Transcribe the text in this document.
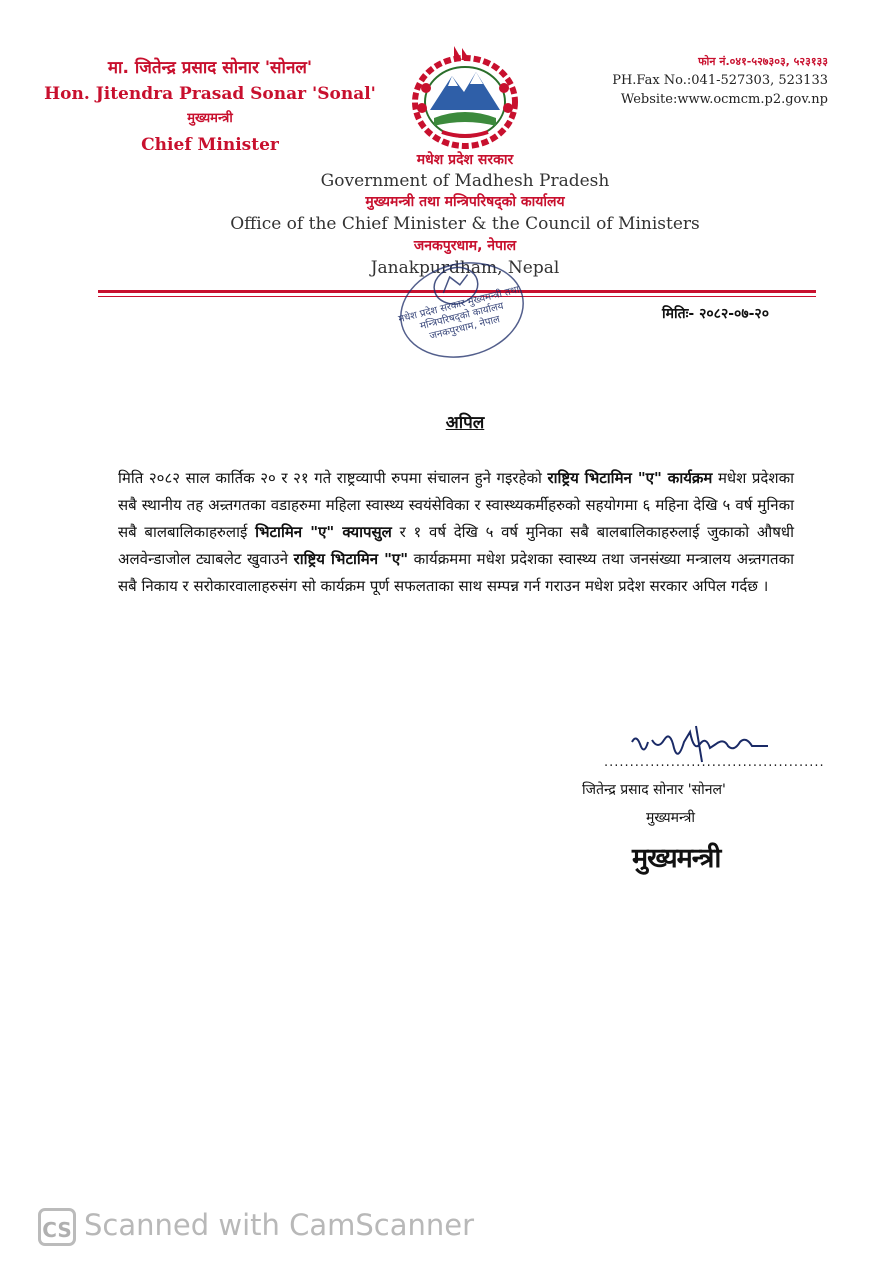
मा. जितेन्द्र प्रसाद सोनार 'सोनल'
Hon. Jitendra Prasad Sonar 'Sonal'
मुख्यमन्त्री
Chief Minister
फोन नं.०४१-५२७३०३, ५२३१३३
PH.Fax No.:041-527303, 523133
Website:www.ocmcm.p2.gov.np
मधेश प्रदेश सरकार
Government of Madhesh Pradesh
मुख्यमन्त्री तथा मन्त्रिपरिषद्को कार्यालय
Office of the Chief Minister & the Council of Ministers
जनकपुरधाम, नेपाल
Janakpurdham, Nepal
मधेश प्रदेश सरकार मुख्यमन्त्री तथा मन्त्रिपरिषद्को कार्यालय जनकपुरधाम, नेपाल
मितिः- २०८२-०७-२०
अपिल
मिति २०८२ साल कार्तिक २० र २१ गते राष्ट्रव्यापी रुपमा संचालन हुने गइरहेको राष्ट्रिय भिटामिन "ए" कार्यक्रम मधेश प्रदेशका सबै स्थानीय तह अन्र्तगतका वडाहरुमा महिला स्वास्थ्य स्वयंसेविका र स्वास्थ्यकर्मीहरुको सहयोगमा ६ महिना देखि ५ वर्ष मुनिका सबै बालबालिकाहरुलाई भिटामिन "ए" क्यापसुल र १ वर्ष देखि ५ वर्ष मुनिका सबै बालबालिकाहरुलाई जुकाको औषधी अलवेन्डाजोल ट्याबलेट खुवाउने राष्ट्रिय भिटामिन "ए" कार्यक्रममा मधेश प्रदेशका स्वास्थ्य तथा जनसंख्या मन्त्रालय अन्र्तगतका सबै निकाय र सरोकारवालाहरुसंग सो कार्यक्रम पूर्ण सफलताका साथ सम्पन्न गर्न गराउन मधेश प्रदेश सरकार अपिल गर्दछ ।
...........................................
जितेन्द्र प्रसाद सोनार 'सोनल'
मुख्यमन्त्री
मुख्यमन्त्री
CS Scanned with CamScanner
